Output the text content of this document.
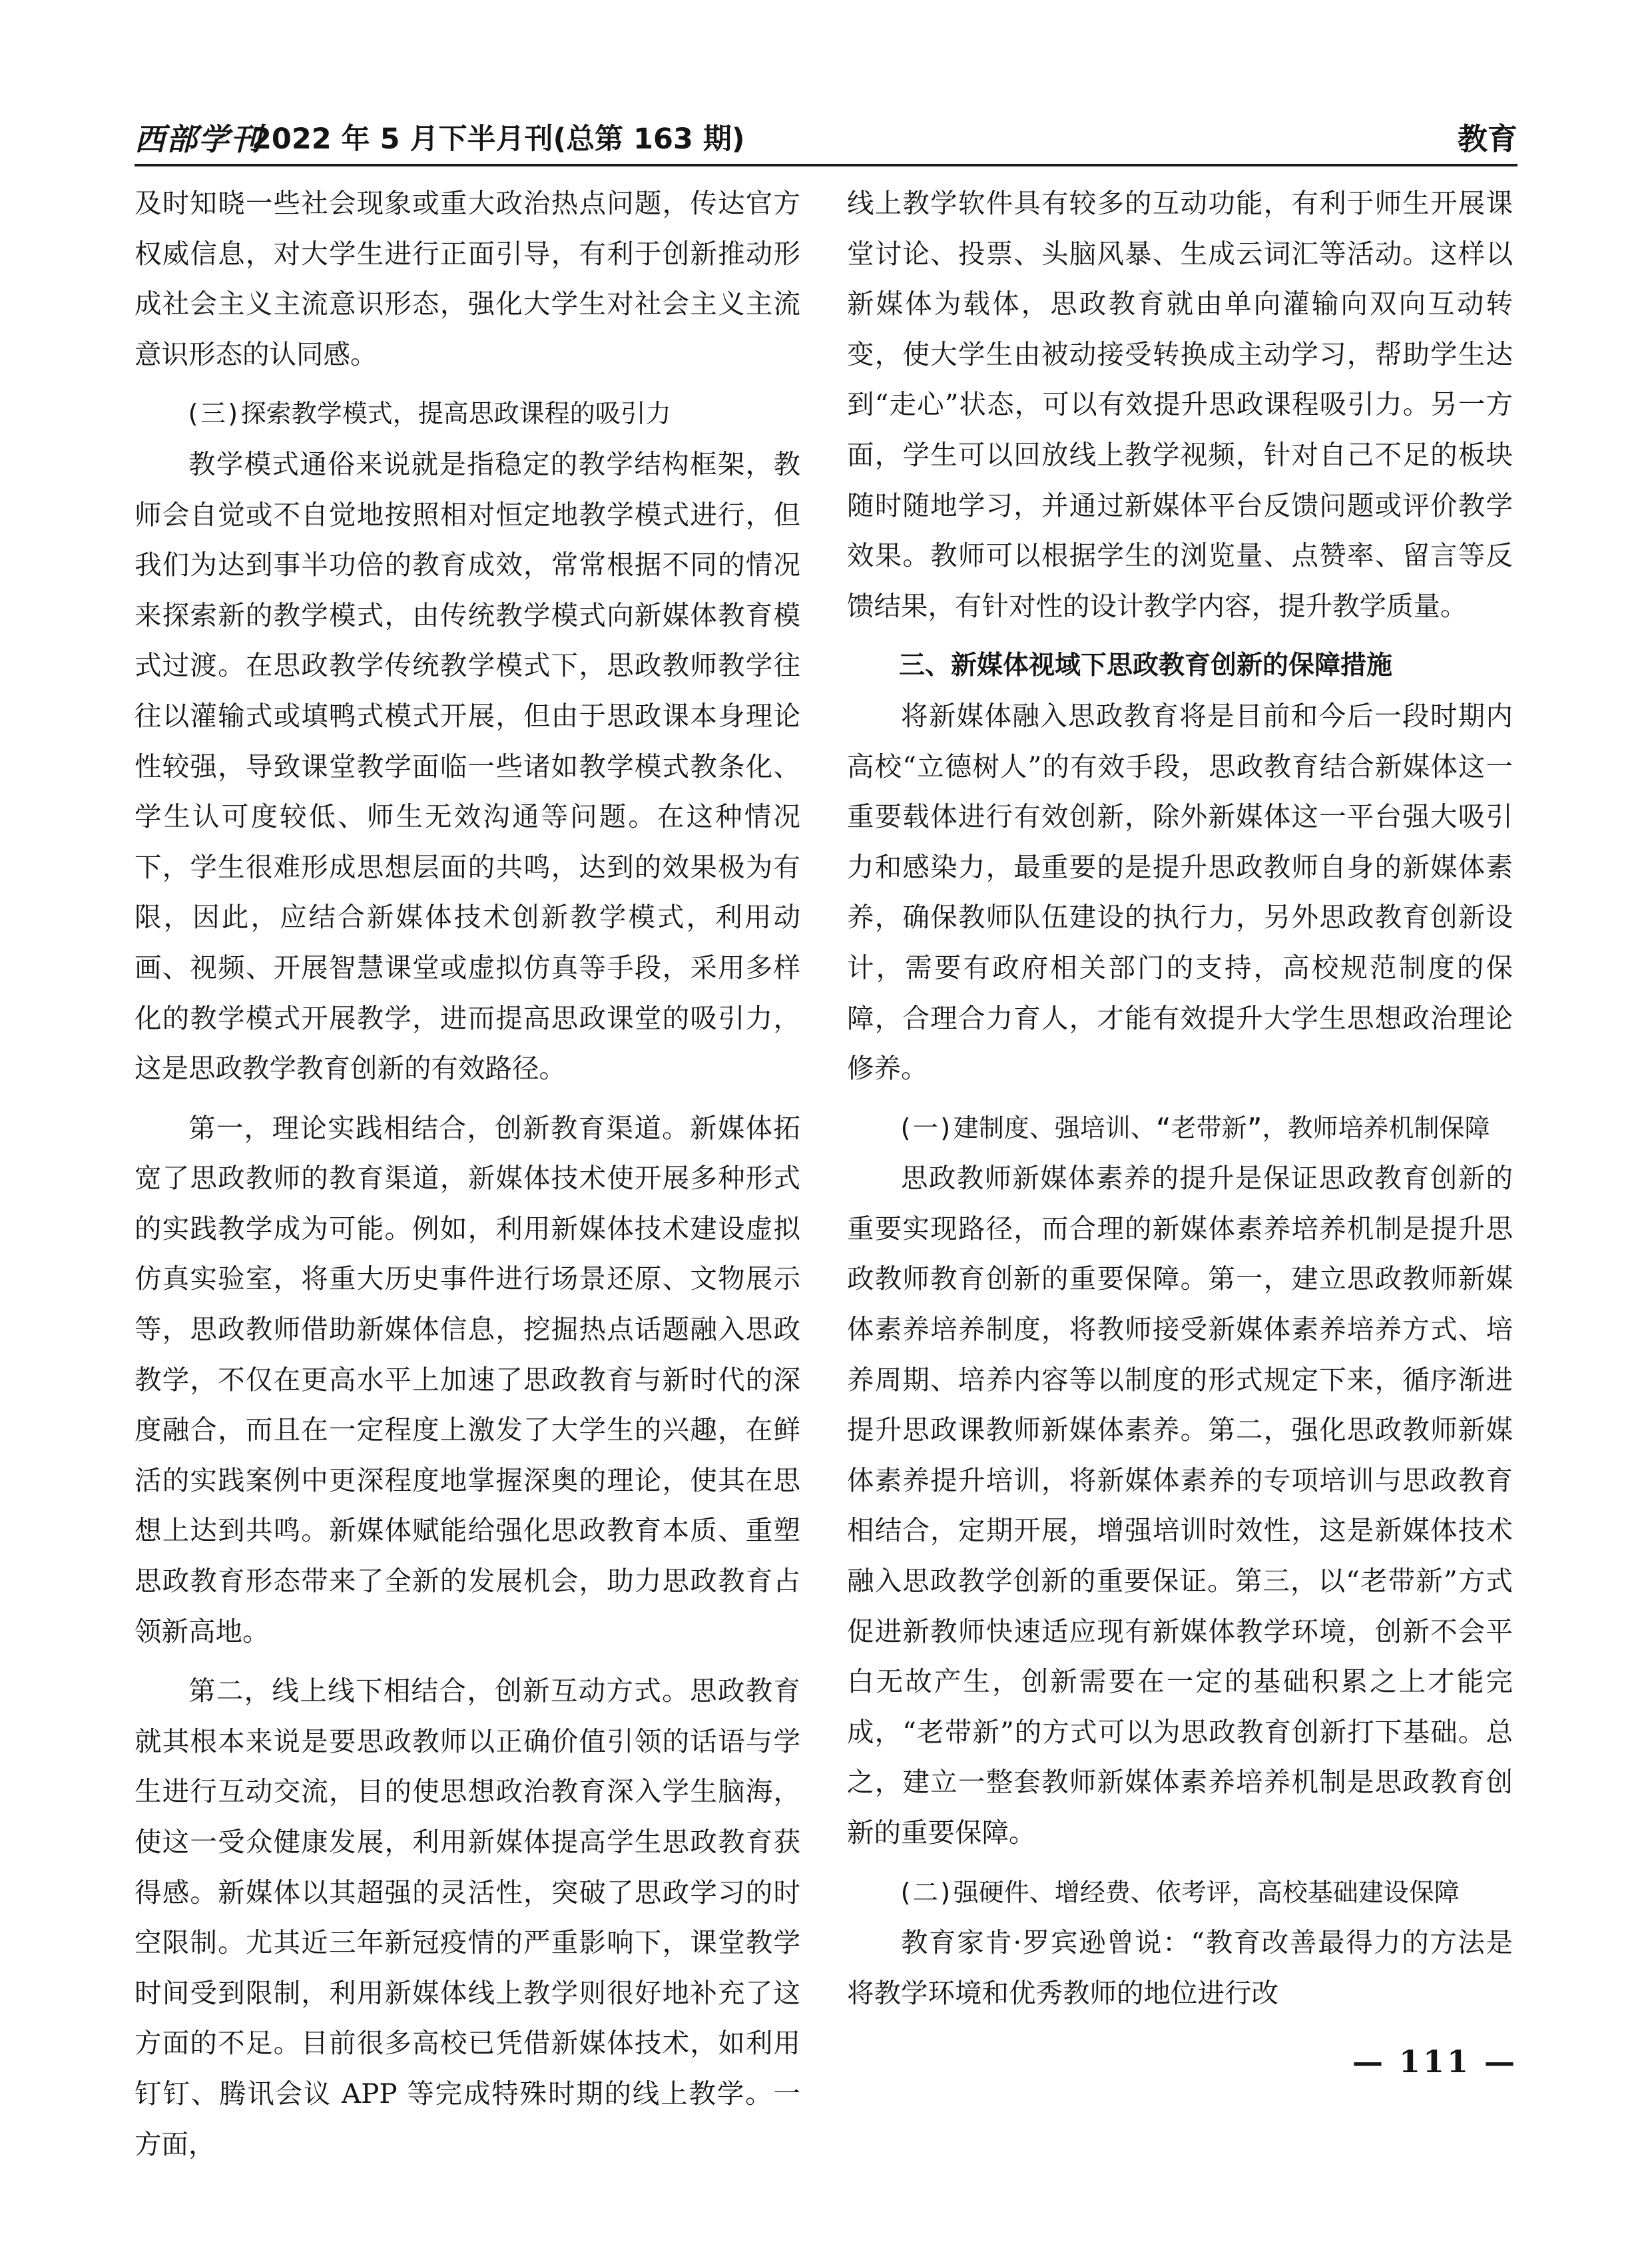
西部学刊
2022 年 5 月下半月刊(总第 163 期)	教育

及时知晓一些社会现象或重大政治热点问题，传达官方权威信息，对大学生进行正面引导，有利于创新推动形成社会主义主流意识形态，强化大学生对社会主义主流意识形态的认同感。

(三)探索教学模式，提高思政课程的吸引力

教学模式通俗来说就是指稳定的教学结构框架，教师会自觉或不自觉地按照相对恒定地教学模式进行，但我们为达到事半功倍的教育成效，常常根据不同的情况来探索新的教学模式，由传统教学模式向新媒体教育模式过渡。在思政教学传统教学模式下，思政教师教学往往以灌输式或填鸭式模式开展，但由于思政课本身理论性较强，导致课堂教学面临一些诸如教学模式教条化、学生认可度较低、师生无效沟通等问题。在这种情况下，学生很难形成思想层面的共鸣，达到的效果极为有限，因此，应结合新媒体技术创新教学模式，利用动画、视频、开展智慧课堂或虚拟仿真等手段，采用多样化的教学模式开展教学，进而提高思政课堂的吸引力，这是思政教学教育创新的有效路径。

第一，理论实践相结合，创新教育渠道。新媒体拓宽了思政教师的教育渠道，新媒体技术使开展多种形式的实践教学成为可能。例如，利用新媒体技术建设虚拟仿真实验室，将重大历史事件进行场景还原、文物展示等，思政教师借助新媒体信息，挖掘热点话题融入思政教学，不仅在更高水平上加速了思政教育与新时代的深度融合，而且在一定程度上激发了大学生的兴趣，在鲜活的实践案例中更深程度地掌握深奥的理论，使其在思想上达到共鸣。新媒体赋能给强化思政教育本质、重塑思政教育形态带来了全新的发展机会，助力思政教育占领新高地。

第二，线上线下相结合，创新互动方式。思政教育就其根本来说是要思政教师以正确价值引领的话语与学生进行互动交流，目的使思想政治教育深入学生脑海，使这一受众健康发展，利用新媒体提高学生思政教育获得感。新媒体以其超强的灵活性，突破了思政学习的时空限制。尤其近三年新冠疫情的严重影响下，课堂教学时间受到限制，利用新媒体线上教学则很好地补充了这方面的不足。目前很多高校已凭借新媒体技术，如利用钉钉、腾讯会议 APP 等完成特殊时期的线上教学。一方面，

线上教学软件具有较多的互动功能，有利于师生开展课堂讨论、投票、头脑风暴、生成云词汇等活动。这样以新媒体为载体，思政教育就由单向灌输向双向互动转变，使大学生由被动接受转换成主动学习，帮助学生达到“走心”状态，可以有效提升思政课程吸引力。另一方面，学生可以回放线上教学视频，针对自己不足的板块随时随地学习，并通过新媒体平台反馈问题或评价教学效果。教师可以根据学生的浏览量、点赞率、留言等反馈结果，有针对性的设计教学内容，提升教学质量。

三、新媒体视域下思政教育创新的保障措施

将新媒体融入思政教育将是目前和今后一段时期内高校“立德树人”的有效手段，思政教育结合新媒体这一重要载体进行有效创新，除外新媒体这一平台强大吸引力和感染力，最重要的是提升思政教师自身的新媒体素养，确保教师队伍建设的执行力，另外思政教育创新设计，需要有政府相关部门的支持，高校规范制度的保障，合理合力育人，才能有效提升大学生思想政治理论修养。

(一)建制度、强培训、“老带新”，教师培养机制保障

思政教师新媒体素养的提升是保证思政教育创新的重要实现路径，而合理的新媒体素养培养机制是提升思政教师教育创新的重要保障。第一，建立思政教师新媒体素养培养制度，将教师接受新媒体素养培养方式、培养周期、培养内容等以制度的形式规定下来，循序渐进提升思政课教师新媒体素养。第二，强化思政教师新媒体素养提升培训，将新媒体素养的专项培训与思政教育相结合，定期开展，增强培训时效性，这是新媒体技术融入思政教学创新的重要保证。第三，以“老带新”方式促进新教师快速适应现有新媒体教学环境，创新不会平白无故产生，创新需要在一定的基础积累之上才能完成，“老带新”的方式可以为思政教育创新打下基础。总之，建立一整套教师新媒体素养培养机制是思政教育创新的重要保障。

(二)强硬件、增经费、依考评，高校基础建设保障

教育家肯·罗宾逊曾说：“教育改善最得力的方法是将教学环境和优秀教师的地位进行改

— 111 —
